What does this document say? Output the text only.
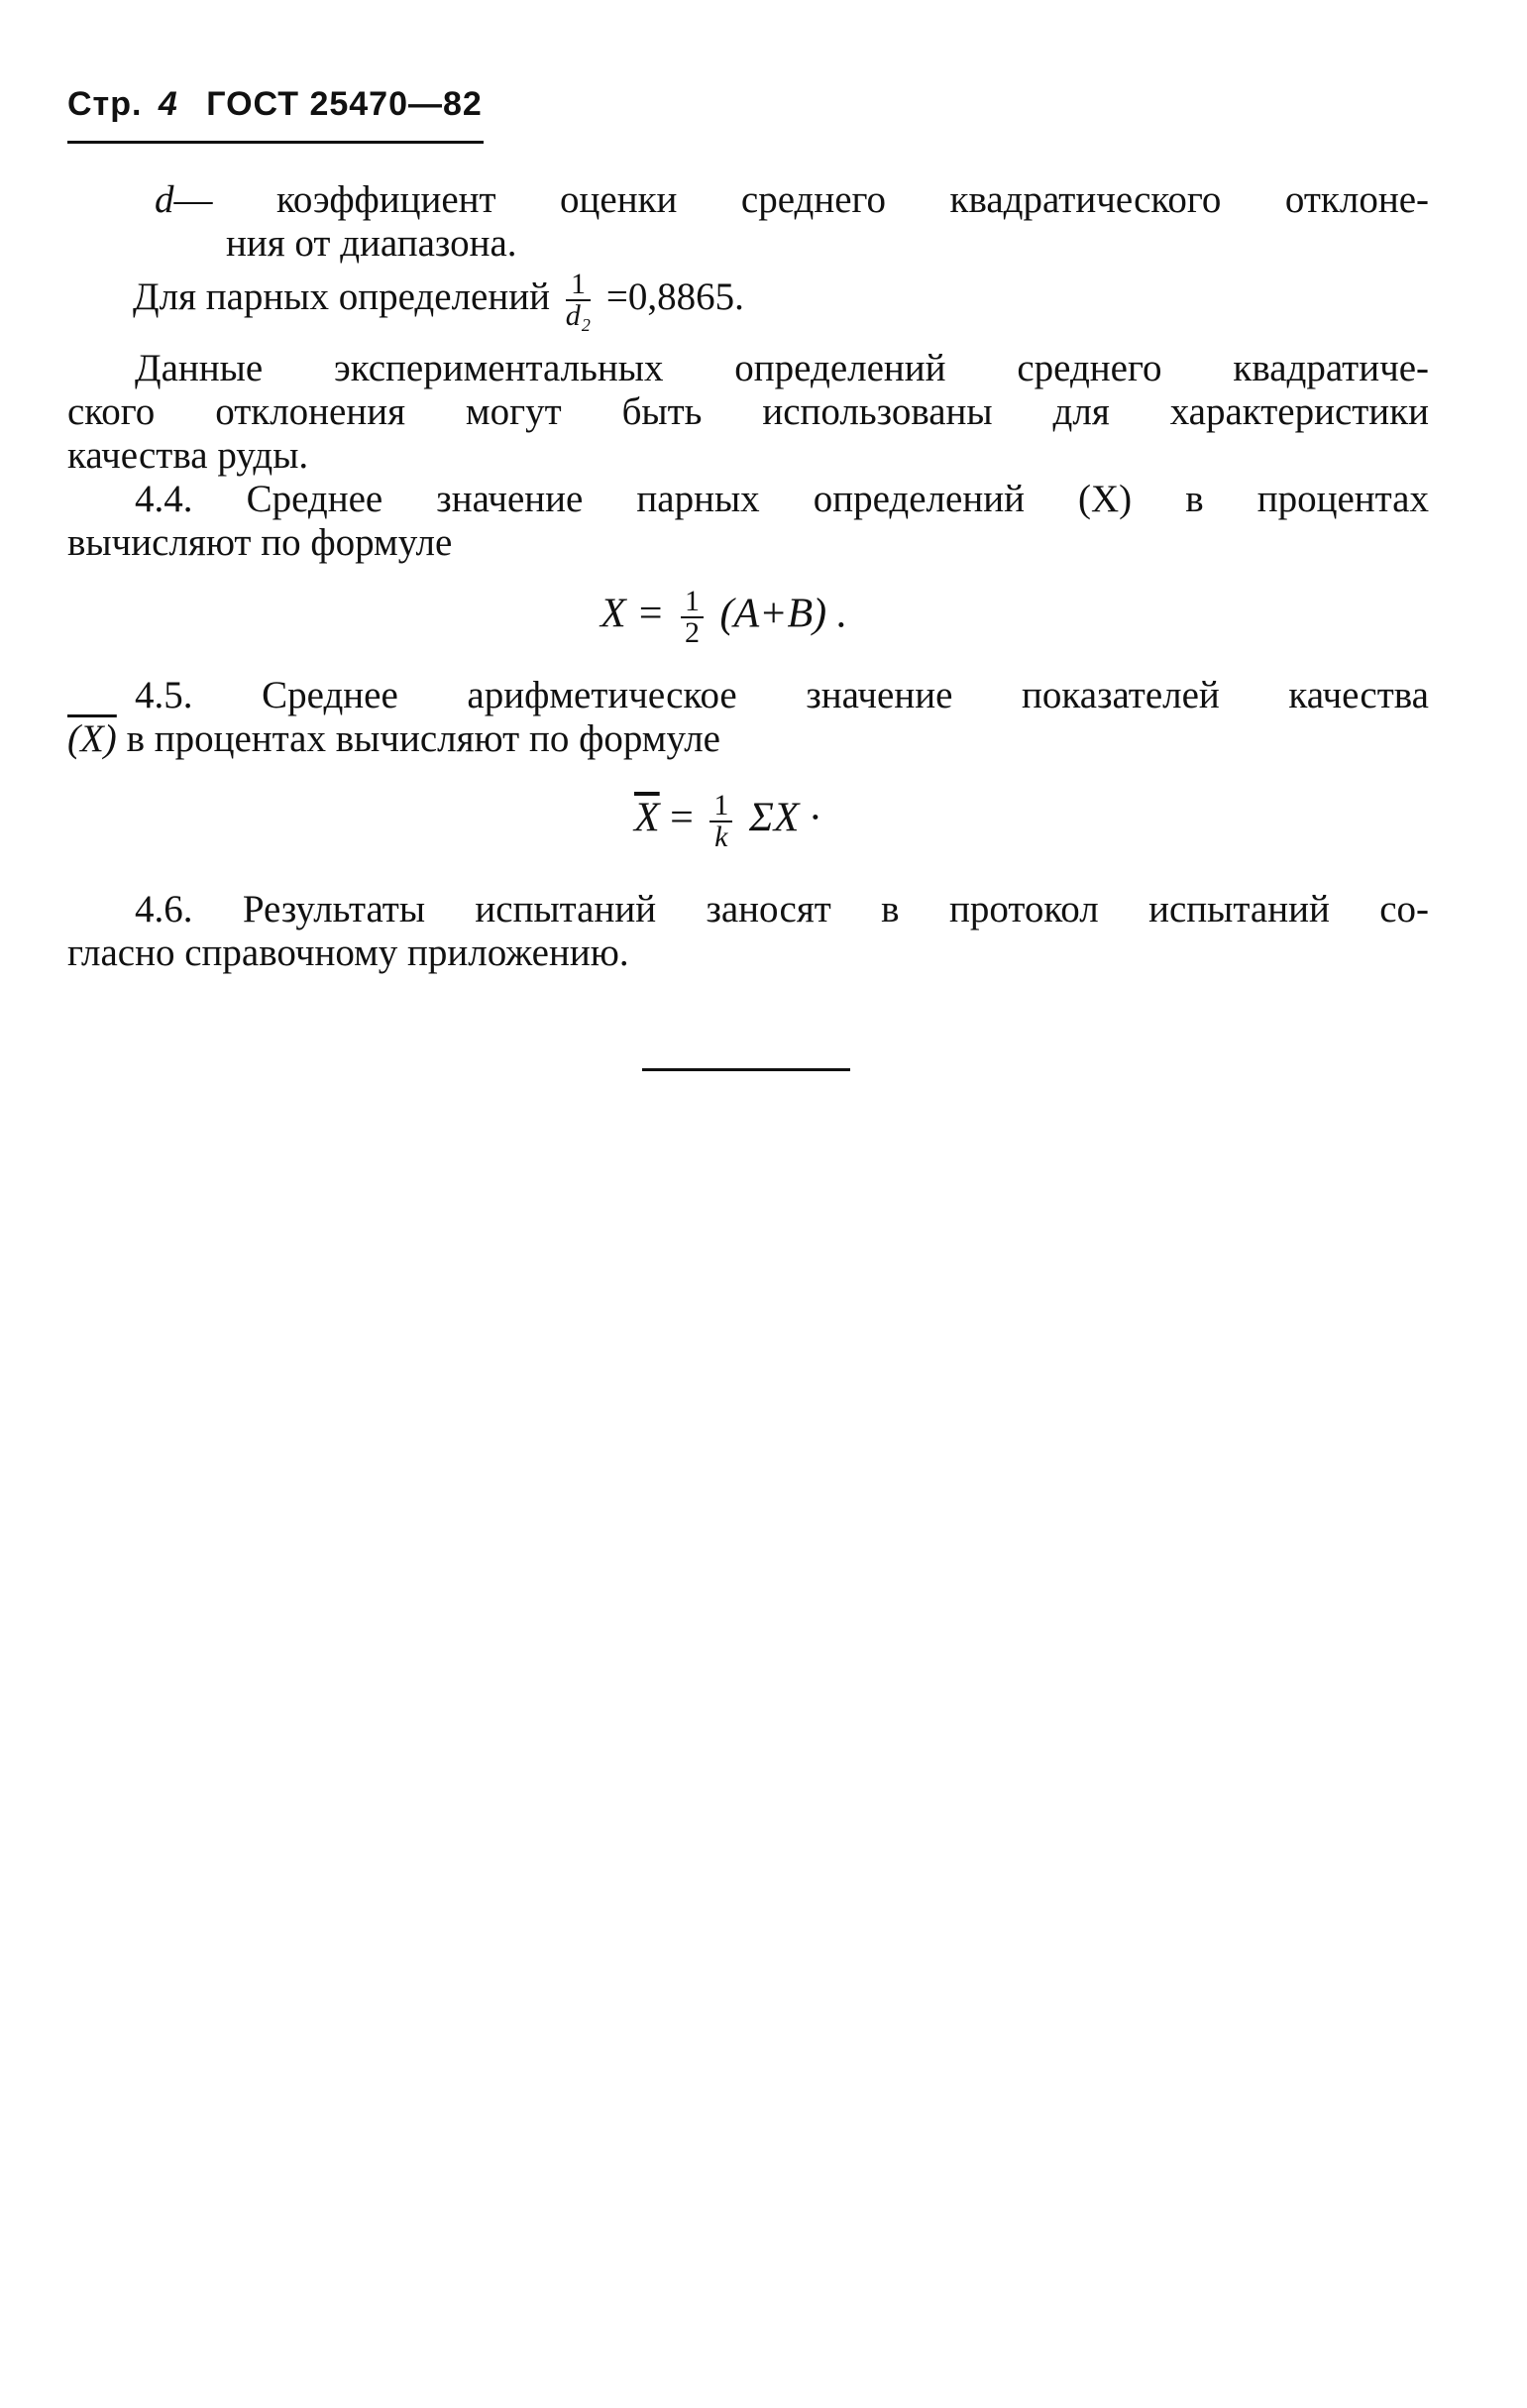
Стр. 4 ГОСТ 25470—82
d— коэффициент оценки среднего квадратического отклоне-
ния от диапазона.
Для парных определений $\frac{1}{\text{d₂}} =0,8865$.
Данные экспериментальных определений среднего квадратиче-
ского отклонения могут быть использованы для характеристики
качества руды.
4.4. Среднее значение парных определений (X) в процентах
вычисляют по формуле
$X = \frac{1}{2} (A+B)$ .
4.5. Среднее арифметическое значение показателей качества
(X) в процентах вычисляют по формуле
$\overline{X} = \frac{1}{k}$ ΣX ·
4.6. Результаты испытаний заносят в протокол испытаний со-
гласно справочному приложению.
